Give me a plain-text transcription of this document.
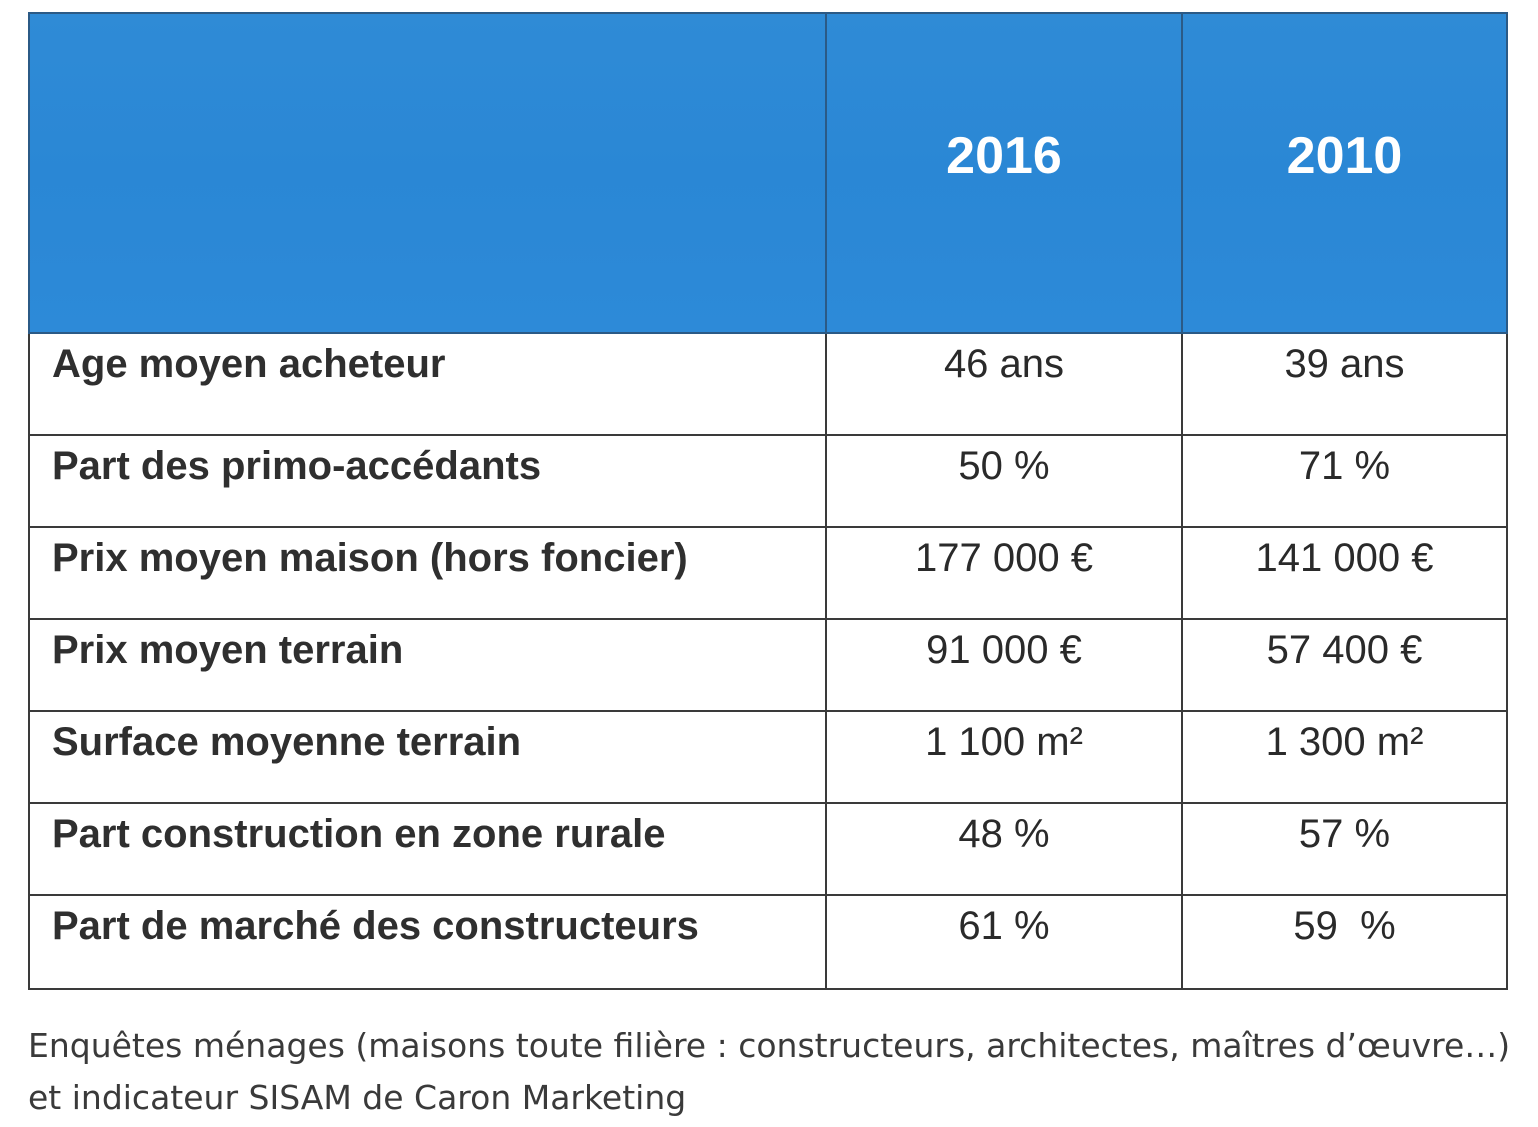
	2016	2010

Age moyen acheteur	46 ans	39 ans

Part des primo-accédants	50 %	71 %

Prix moyen maison (hors foncier)	177 000 €	141 000 €

Prix moyen terrain	91 000 €	57 400 €

Surface moyenne terrain	1 100 m²	1 300 m²

Part construction en zone rurale	48 %	57 %

Part de marché des constructeurs	61 %	59  %
Enquêtes ménages (maisons toute filière : constructeurs, architectes, maîtres d’œuvre…)
et indicateur SISAM de Caron Marketing
